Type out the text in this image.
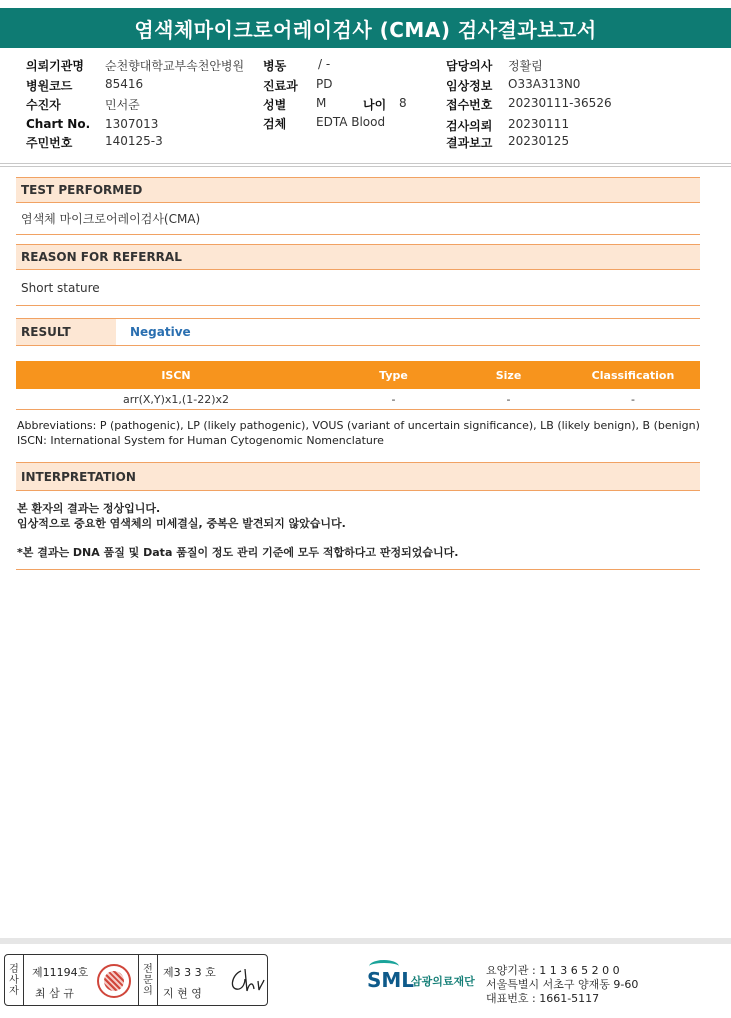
염색체마이크로어레이검사 (CMA) 검사결과보고서
의뢰기관명 순천향대학교부속천안병원
병원코드	85416
수진자	민서준
Chart No. 1307013
주민번호	140125-3
병동	/ -
진료과 PD
성별 M	나이 8
검체 EDTA Blood
담당의사 정활림
임상정보 O33A313N0
접수번호 20230111-36526
검사의뢰 20230111
결과보고 20230125
TEST PERFORMED
염색체 마이크로어레이검사(CMA)
REASON FOR REFERRAL
Short stature
RESULT	Negative
ISCN	Type	Size	Classification
arr(X,Y)x1,(1-22)x2	-	-	-
Abbreviations: P (pathogenic), LP (likely pathogenic), VOUS (variant of uncertain significance), LB (likely benign), B (benign)
ISCN: International System for Human Cytogenomic Nomenclature
INTERPRETATION
본 환자의 결과는 정상입니다.
임상적으로 중요한 염색체의 미세결실, 중복은 발견되지 않았습니다.
*본 결과는 DNA 품질 및 Data 품질이 정도 관리 기준에 모두 적합하다고 판정되었습니다.
검
사
자

제11194호
최 삼 규
전
문
의

제3 3 3 호
지 현 영
SML
삼광의료재단
요양기관 : 1 1 3 6 5 2 0 0
서울특별시 서초구 양재동 9-60
대표번호 : 1661-5117
